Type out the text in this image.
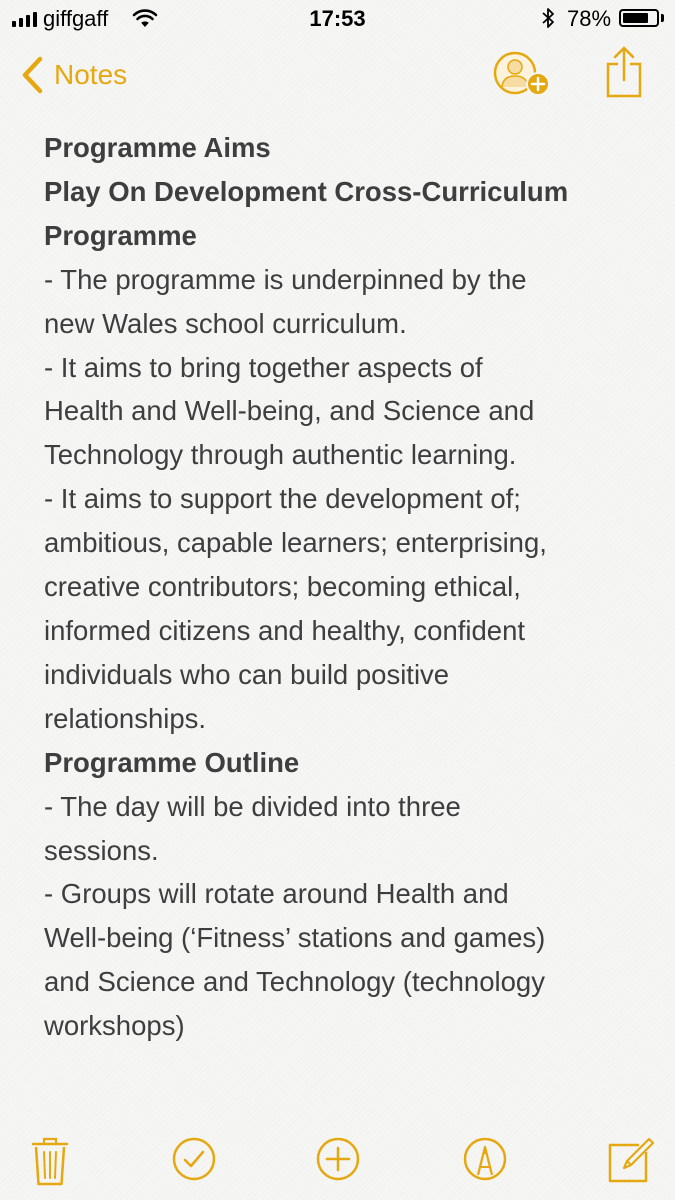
giffgaff	17:53	78%
Notes
Programme Aims
Play On Development Cross-Curriculum
Programme
- The programme is underpinned by the
new Wales school curriculum.
- It aims to bring together aspects of
Health and Well-being, and Science and
Technology through authentic learning.
- It aims to support the development of;
ambitious, capable learners; enterprising,
creative contributors; becoming ethical,
informed citizens and healthy, confident
individuals who can build positive
relationships.
Programme Outline
- The day will be divided into three
sessions.
- Groups will rotate around Health and
Well-being (‘Fitness’ stations and games)
and Science and Technology (technology
workshops)
